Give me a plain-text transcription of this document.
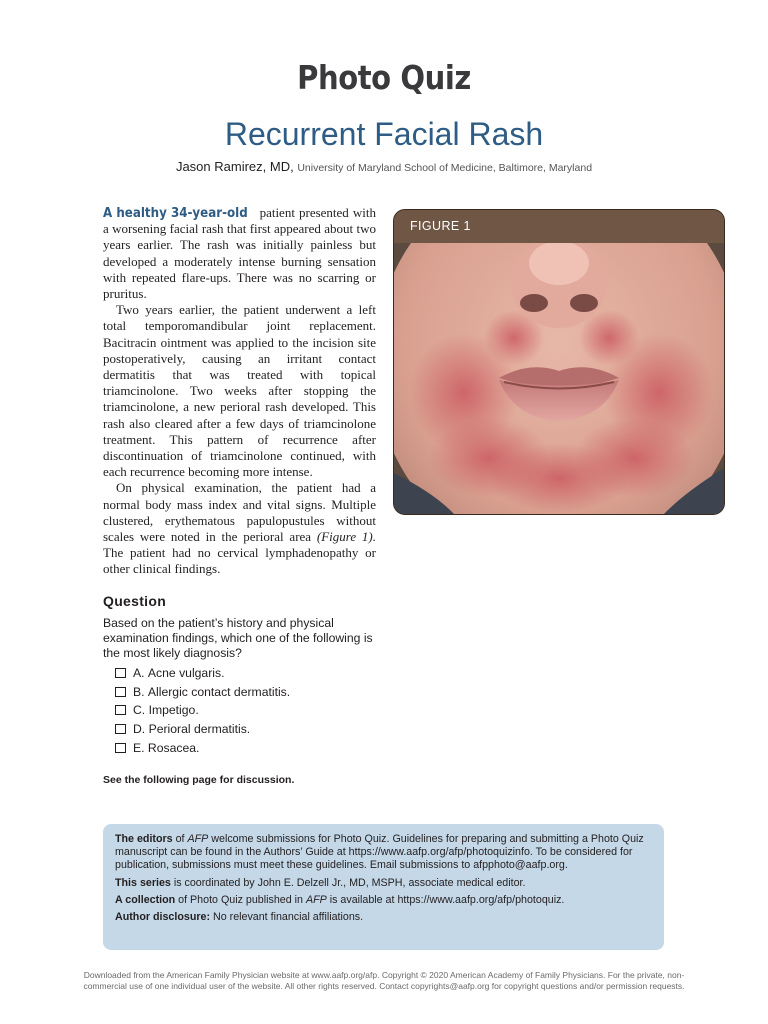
Photo Quiz
Recurrent Facial Rash
Jason Ramirez, MD, University of Maryland School of Medicine, Baltimore, Maryland

A healthy 34-year-old patient presented with a worsening facial rash that first appeared about two years earlier. The rash was initially painless but developed a moderately intense burning sensation with repeated flare-ups. There was no scarring or pruritus.

Two years earlier, the patient underwent a left total temporomandibular joint replacement. Bacitracin ointment was applied to the incision site postoperatively, causing an irritant contact dermatitis that was treated with topical triamcinolone. Two weeks after stopping the triamcinolone, a new perioral rash developed. This rash also cleared after a few days of triamcinolone treatment. This pattern of recurrence after discontinuation of triamcinolone continued, with each recurrence becoming more intense.

On physical examination, the patient had a normal body mass index and vital signs. Multiple clustered, erythematous papulopustules without scales were noted in the perioral area (Figure 1). The patient had no cervical lymphadenopathy or other clinical findings.

FIGURE 1
Question
Based on the patient’s history and physical examination findings, which one of the following is the most likely diagnosis?
A.
Acne vulgaris.
B.
Allergic contact dermatitis.
C.
Impetigo.
D.
Perioral dermatitis.
E.
Rosacea.
See the following page for discussion.

The editors of AFP welcome submissions for Photo Quiz. Guidelines for preparing and submitting a Photo Quiz manuscript can be found in the Authors’ Guide at https://www.aafp.org/afp/photoquizinfo. To be considered for publication, submissions must meet these guidelines. Email submissions to afpphoto@aafp.org.

This series is coordinated by John E. Delzell Jr., MD, MSPH, associate medical editor.

A collection of Photo Quiz published in AFP is available at https://www.aafp.org/afp/photoquiz.

Author disclosure: No relevant financial affiliations.

Downloaded from the American Family Physician website at www.aafp.org/afp. Copyright © 2020 American Academy of Family Physicians. For the private, non-
commercial use of one individual user of the website. All other rights reserved. Contact copyrights@aafp.org for copyright questions and/or permission requests.
